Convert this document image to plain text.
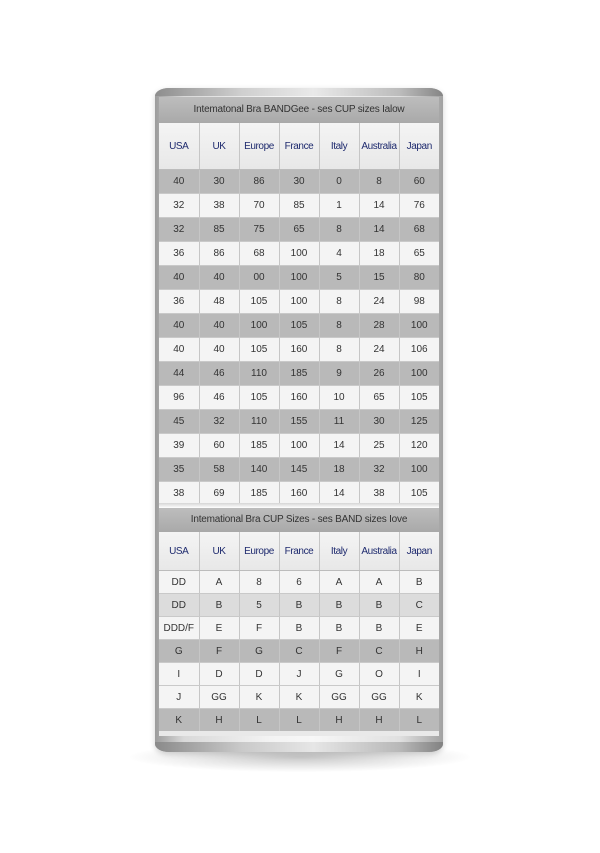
Intematonal Bra BANDGee - ses CUP sizes Ialow
USA	UK	Europe	France	Italy	Australia	Japan
40	30	86	30	0	8	60
32	38	70	85	1	14	76
32	85	75	65	8	14	68
36	86	68	100	4	18	65
40	40	00	100	5	15	80
36	48	105	100	8	24	98
40	40	100	105	8	28	100
40	40	105	160	8	24	106
44	46	110	185	9	26	100
96	46	105	160	10	65	105
45	32	110	155	11	30	125
39	60	185	100	14	25	120
35	58	140	145	18	32	100
38	69	185	160	14	38	105
Intemational Bra CUP Sizes - ses BAND sizes Iove
USA	UK	Europe	France	Italy	Australia	Japan
DD	A	8	6	A	A	B
DD	B	5	B	B	B	C
DDD/F	E	F	B	B	B	E
G	F	G	C	F	C	H
I	D	D	J	G	O	I
J	GG	K	K	GG	GG	K
K	H	L	L	H	H	L
